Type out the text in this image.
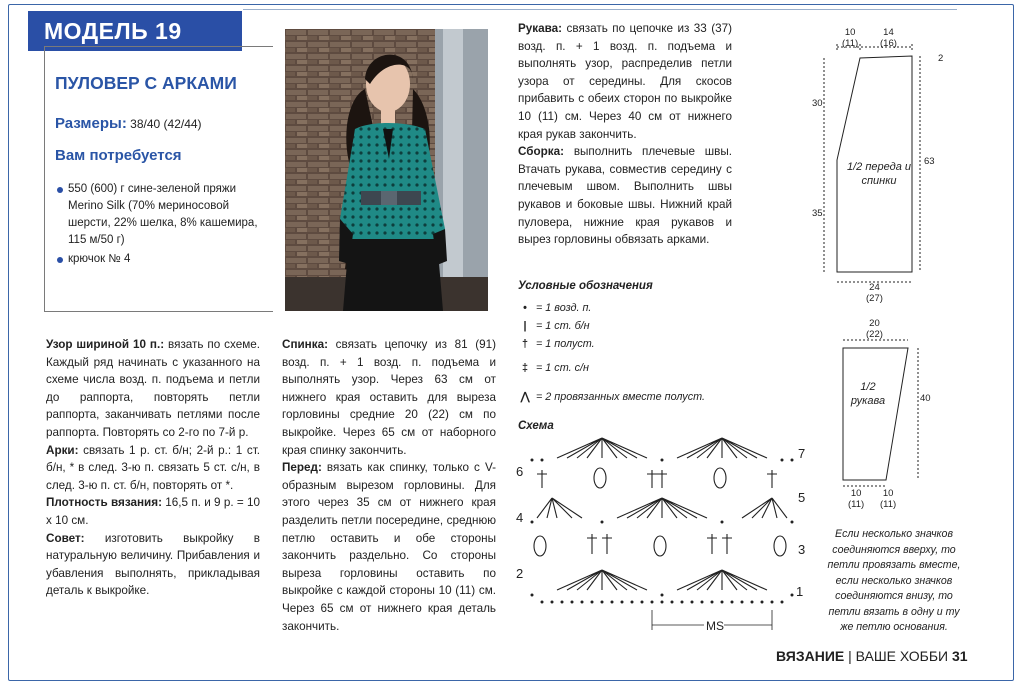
МОДЕЛЬ 19
ПУЛОВЕР С АРКАМИ
Размеры: 38/40 (42/44)
Вам потребуется
550 (600) г сине-зеленой пряжи Merino Silk (70% мериносовой шерсти, 22% шелка, 8% кашемира, 115 м/50 г)
крючок № 4

Узор шириной 10 п.: вязать по схеме. Каждый ряд начинать с указанного на схеме числа возд. п. подъема и петли до раппорта, повторять петли раппорта, заканчивать петлями после раппорта. Повторять со 2-го по 7-й р.

Арки: связать 1 р. ст. б/н; 2-й р.: 1 ст. б/н, * в след. 3-ю п. связать 5 ст. с/н, в след. 3-ю п. ст. б/н, повторять от *.

Плотность вязания: 16,5 п. и 9 р. = 10 х 10 см.

Совет: изготовить выкройку в натуральную величину. Прибавления и убавления выполнять, прикладывая деталь к выкройке.

Спинка: связать цепочку из 81 (91) возд. п. + 1 возд. п. подъема и выполнять узор. Через 63 см от нижнего края оставить для выреза горловины средние 20 (22) см по выкройке. Через 65 см от наборного края спинку закончить.

Перед: вязать как спинку, только с V-образным вырезом горловины. Для этого через 35 см от нижнего края разделить петли посередине, среднюю петлю оставить и обе стороны закончить раздельно. Со стороны выреза горловины оставить по выкройке с каждой стороны 10 (11) см. Через 65 см от нижнего края деталь закончить.

Рукава: связать по цепочке из 33 (37) возд. п. + 1 возд. п. подъема и выполнять узор, распределив петли узора от середины. Для скосов прибавить с обеих сторон по выкройке 10 (11) см. Через 40 см от нижнего края рукав закончить.

Сборка: выполнить плечевые швы. Втачать рукава, совместив середину с плечевым швом. Выполнить швы рукавов и боковые швы. Нижний край пуловера, нижние края рукавов и вырез горловины обвязать арками.

Условные обозначения
• = 1 возд. п.
| = 1 ст. б/н
† = 1 полуст.
‡ = 1 ст. с/н
⋀ = 2 провязанных вместе полуст.
Схема
6
4
2
7
5
3
1
MS
10
(11)
14
(16)
2
30
35
63
24
(27)
1/2 переда и спинки
20
(22)
40
10
(11)
10
(11)
1/2 рукава
Если несколько значков соединяются вверху, то петли провязать вместе, если несколько значков соединяются внизу, то петли вязать в одну и ту же петлю основания.
ВЯЗАНИЕ | ВАШЕ ХОББИ 31
